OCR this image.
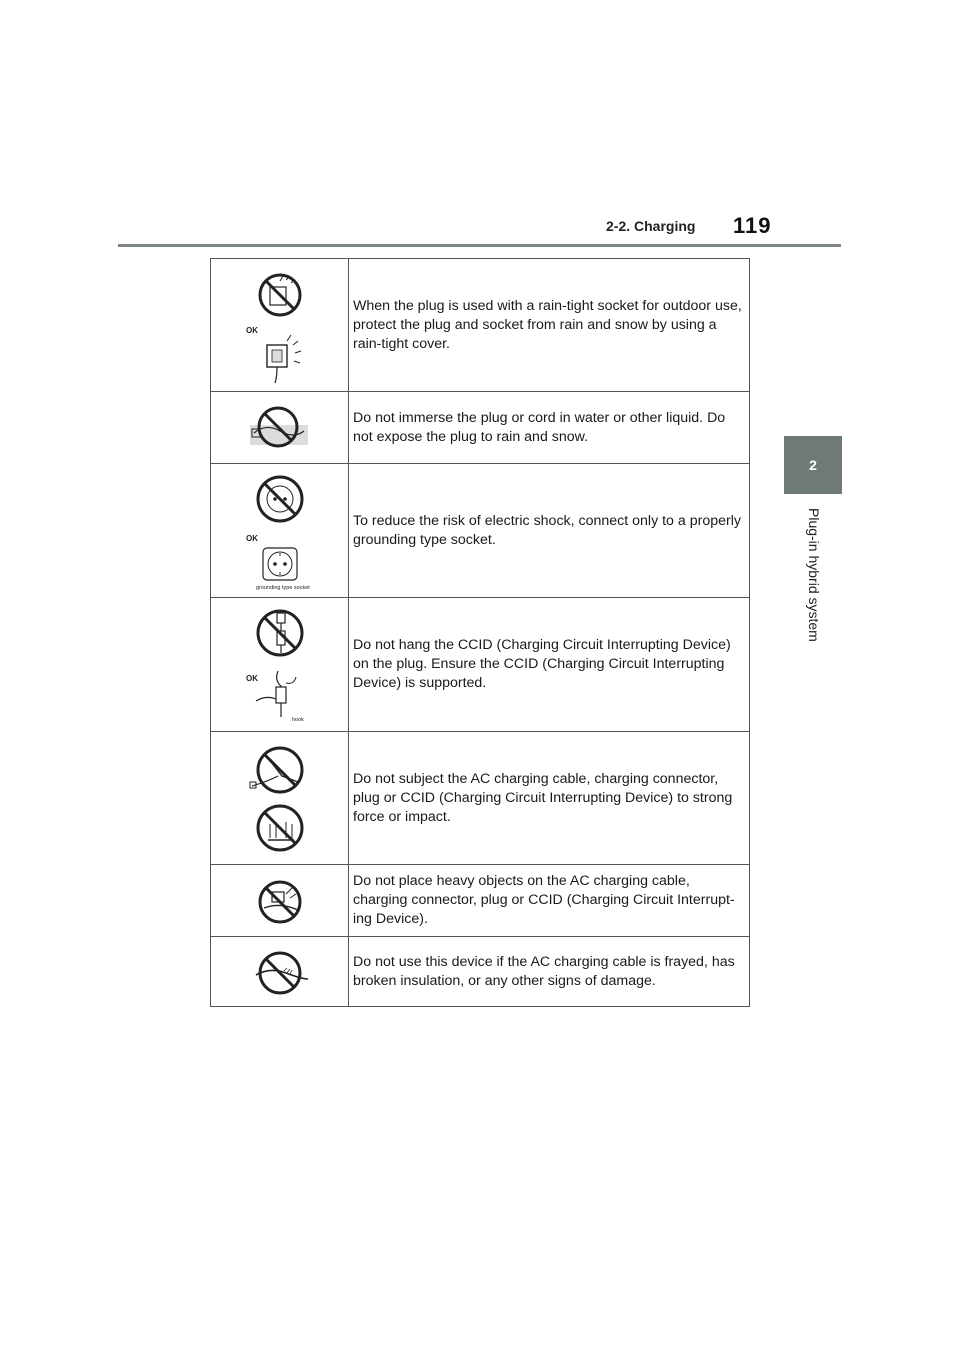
2-2. Charging 119
2
Plug-in hybrid system
OK	When the plug is used with a rain-tight socket for outdoor use, protect the plug and socket from rain and snow by using a rain-tight cover.

	Do not immerse the plug or cord in water or other liquid. Do not expose the plug to rain and snow.

OK
grounding type socket	To reduce the risk of electric shock, connect only to a properly grounding type socket.

OK
hook	Do not hang the CCID (Charging Circuit Interrupting Device) on the plug. Ensure the CCID (Charging Circuit Interrupting Device) is supported.

	Do not subject the AC charging cable, charging connector, plug or CCID (Charging Circuit Interrupting Device) to strong force or impact.

	Do not place heavy objects on the AC charging cable, charging connector, plug or CCID (Charging Circuit Interrupt-ing Device).

	Do not use this device if the AC charging cable is frayed, has broken insulation, or any other signs of damage.
